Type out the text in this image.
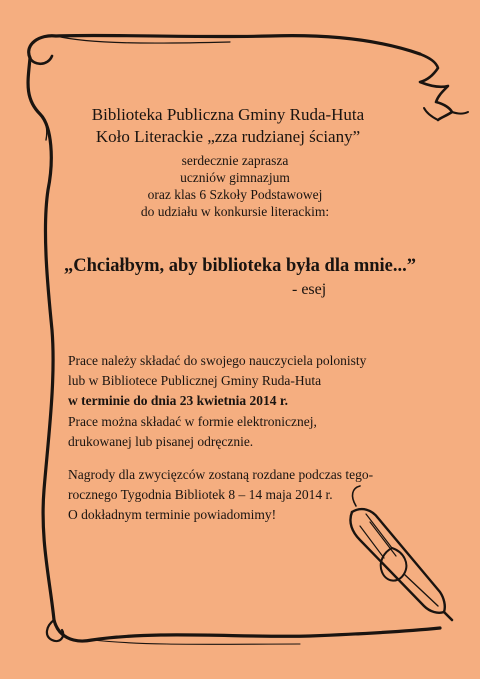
Biblioteka Publiczna Gminy Ruda-Huta
Koło Literackie „zza rudzianej ściany”
serdecznie zaprasza
uczniów gimnazjum
oraz klas 6 Szkoły Podstawowej
do udziału w konkursie literackim:
„Chciałbym, aby biblioteka była dla mnie...”
- esej
Prace należy składać do swojego nauczyciela polonisty
lub w Bibliotece Publicznej Gminy Ruda-Huta
w terminie do dnia 23 kwietnia 2014 r.
Prace można składać w formie elektronicznej,
drukowanej lub pisanej odręcznie.
Nagrody dla zwycięzców zostaną rozdane podczas tego-
rocznego Tygodnia Bibliotek 8 – 14 maja 2014 r.
O dokładnym terminie powiadomimy!
